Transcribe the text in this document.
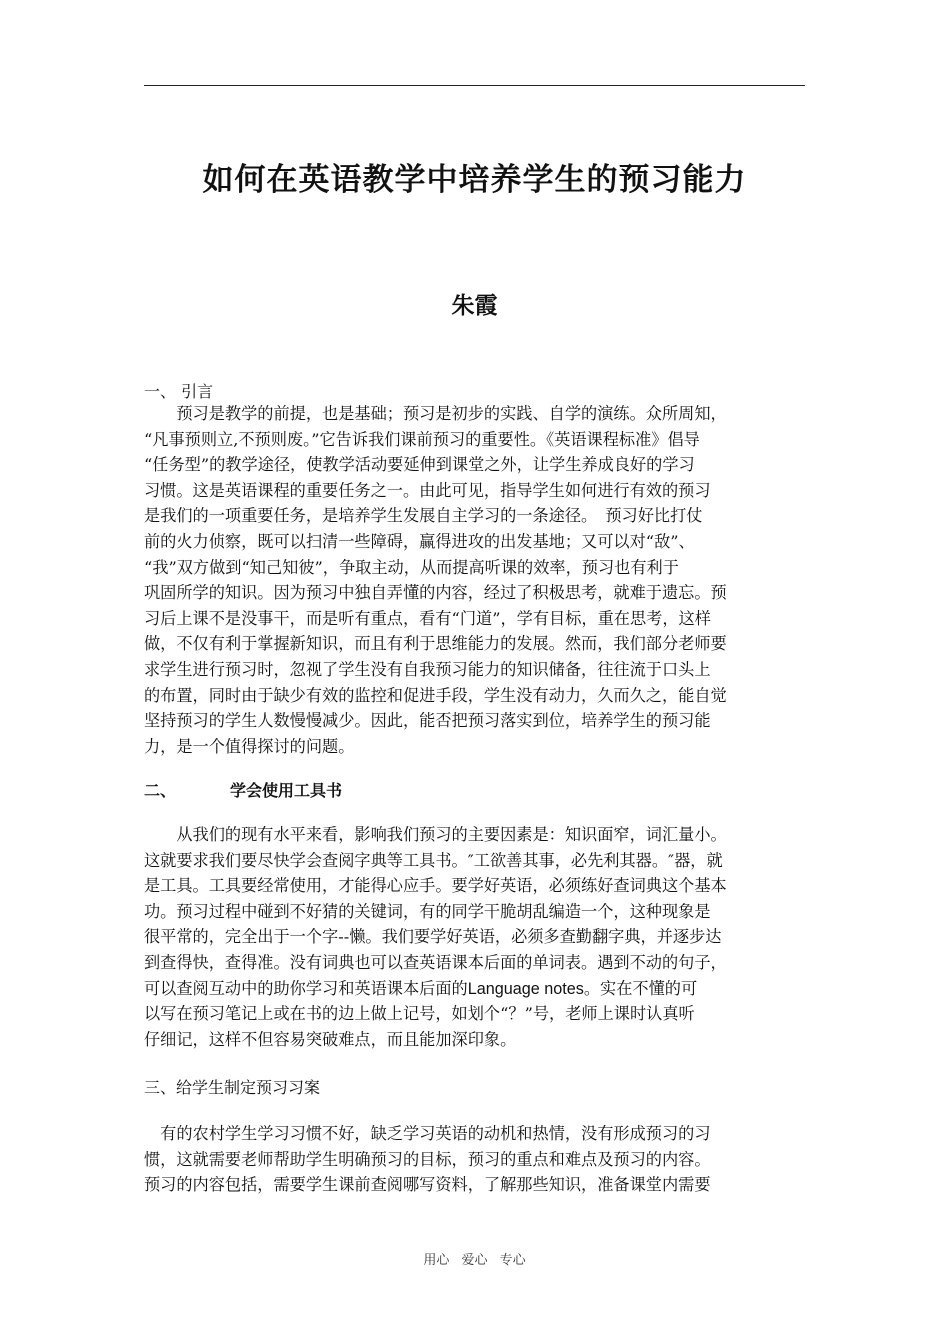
如何在英语教学中培养学生的预习能力
朱霞
一、 引言
　　预习是教学的前提，也是基础；预习是初步的实践、自学的演练。众所周知，
“凡事预则立,不预则废。”它告诉我们课前预习的重要性。《英语课程标准》倡导
“任务型”的教学途径，使教学活动要延伸到课堂之外，让学生养成良好的学习
习惯。这是英语课程的重要任务之一。由此可见，指导学生如何进行有效的预习
是我们的一项重要任务，是培养学生发展自主学习的一条途径。　预习好比打仗
前的火力侦察，既可以扫清一些障碍，赢得进攻的出发基地；又可以对“敌”、
“我”双方做到“知己知彼”，争取主动，从而提高听课的效率，预习也有利于
巩固所学的知识。因为预习中独自弄懂的内容，经过了积极思考，就难于遗忘。预
习后上课不是没事干，而是听有重点，看有“门道”，学有目标，重在思考，这样
做，不仅有利于掌握新知识，而且有利于思维能力的发展。然而，我们部分老师要
求学生进行预习时，忽视了学生没有自我预习能力的知识储备，往往流于口头上
的布置，同时由于缺少有效的监控和促进手段，学生没有动力，久而久之，能自觉
坚持预习的学生人数慢慢减少。因此，能否把预习落实到位，培养学生的预习能
力，是一个值得探讨的问题。
二、	学会使用工具书
　　从我们的现有水平来看，影响我们预习的主要因素是：知识面窄，词汇量小。
这就要求我们要尽快学会查阅字典等工具书。″工欲善其事，必先利其器。″器，就
是工具。工具要经常使用，才能得心应手。要学好英语，必须练好查词典这个基本
功。预习过程中碰到不好猜的关键词，有的同学干脆胡乱编造一个，这种现象是
很平常的，完全出于一个字--懒。我们要学好英语，必须多查勤翻字典，并逐步达
到查得快，查得准。没有词典也可以查英语课本后面的单词表。遇到不动的句子，
可以查阅互动中的助你学习和英语课本后面的Language notes。实在不懂的可
以写在预习笔记上或在书的边上做上记号，如划个“？”号，老师上课时认真听
仔细记，这样不但容易突破难点，而且能加深印象。
三、给学生制定预习习案
　有的农村学生学习习惯不好，缺乏学习英语的动机和热情，没有形成预习的习
惯，这就需要老师帮助学生明确预习的目标，预习的重点和难点及预习的内容。
预习的内容包括，需要学生课前查阅哪写资料，了解那些知识，准备课堂内需要
用心 爱心 专心
